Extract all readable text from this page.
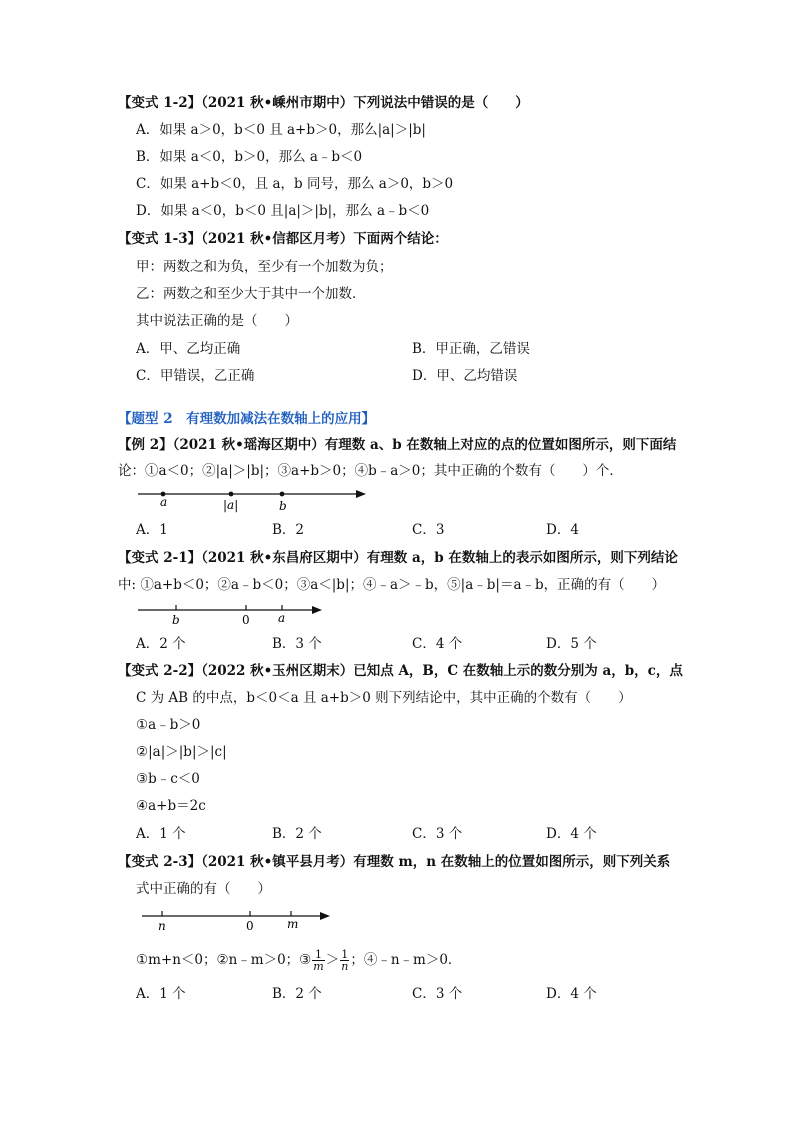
【变式 1-2】（2021 秋•嵊州市期中）下列说法中错误的是（　　）
A．如果 a＞0，b＜0 且 a+b＞0，那么|a|＞|b|
B．如果 a＜0，b＞0，那么 a﹣b＜0
C．如果 a+b＜0，且 a，b 同号，那么 a＞0，b＞0
D．如果 a＜0，b＜0 且|a|＞|b|，那么 a﹣b＜0
【变式 1-3】（2021 秋•信都区月考）下面两个结论：
甲：两数之和为负，至少有一个加数为负；
乙：两数之和至少大于其中一个加数．
其中说法正确的是（　　）
A．甲、乙均正确	B．甲正确，乙错误
C．甲错误，乙正确	D．甲、乙均错误
【题型 2　有理数加减法在数轴上的应用】
【例 2】（2021 秋•瑶海区期中）有理数 a、b 在数轴上对应的点的位置如图所示，则下面结
论：①a＜0；②|a|＞|b|；③a+b＞0；④b﹣a＞0；其中正确的个数有（　　）个．
a	|a|	b
A．1	B．2	C．3	D．4
【变式 2-1】（2021 秋•东昌府区期中）有理数 a，b 在数轴上的表示如图所示，则下列结论
中: ①a+b＜0；②a﹣b＜0；③a＜|b|；④﹣a＞﹣b，⑤|a﹣b|＝a﹣b，正确的有（　　）
b	0 a
A．2 个	B．3 个	C．4 个	D．5 个
【变式 2-2】（2022 秋•玉州区期末）已知点 A，B，C 在数轴上示的数分别为 a，b，c，点
C 为 AB 的中点，b＜0＜a 且 a+b＞0 则下列结论中，其中正确的个数有（　　）
①a﹣b＞0
②|a|＞|b|＞|c|
③b﹣c＜0
④a+b＝2c
A．1 个	B．2 个	C．3 个	D．4 个
【变式 2-3】（2021 秋•镇平县月考）有理数 m，n 在数轴上的位置如图所示，则下列关系
式中正确的有（　　）
n	0	m
①m+n＜0；②n﹣m＞0；③ $\frac{1}{m} > \frac{1}{n}$ ；④﹣n﹣m＞0．
A．1 个	B．2 个	C．3 个	D．4 个
